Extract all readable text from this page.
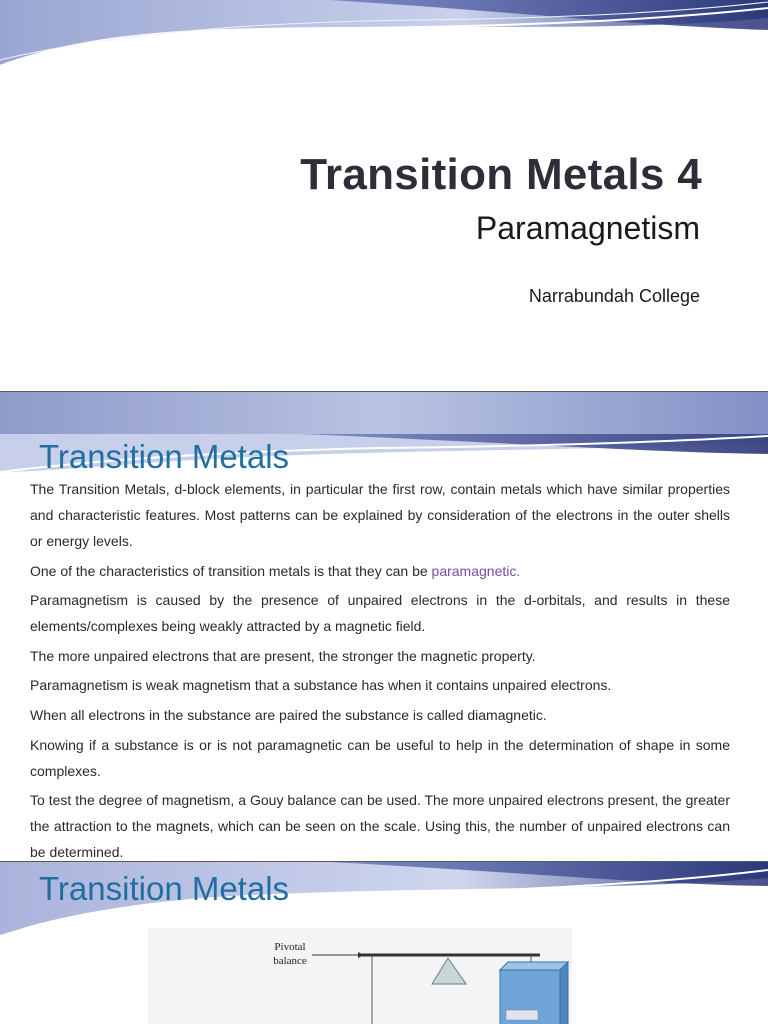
Transition Metals 4
Paramagnetism
Narrabundah College
Transition Metals

The Transition Metals, d-block elements, in particular the first row, contain metals which have similar properties and characteristic features. Most patterns can be explained by consideration of the electrons in the outer shells or energy levels.

One of the characteristics of transition metals is that they can be paramagnetic.

Paramagnetism is caused by the presence of unpaired electrons in the d-orbitals, and results in these elements/complexes being weakly attracted by a magnetic field.

The more unpaired electrons that are present, the stronger the magnetic property.

Paramagnetism is weak magnetism that a substance has when it contains unpaired electrons.

When all electrons in the substance are paired the substance is called diamagnetic.

Knowing if a substance is or is not paramagnetic can be useful to help in the determination of shape in some complexes.

To test the degree of magnetism, a Gouy balance can be used. The more unpaired electrons present, the greater the attraction to the magnets, which can be seen on the scale. Using this, the number of unpaired electrons can be determined.

Transition Metals
Pivotal balance
